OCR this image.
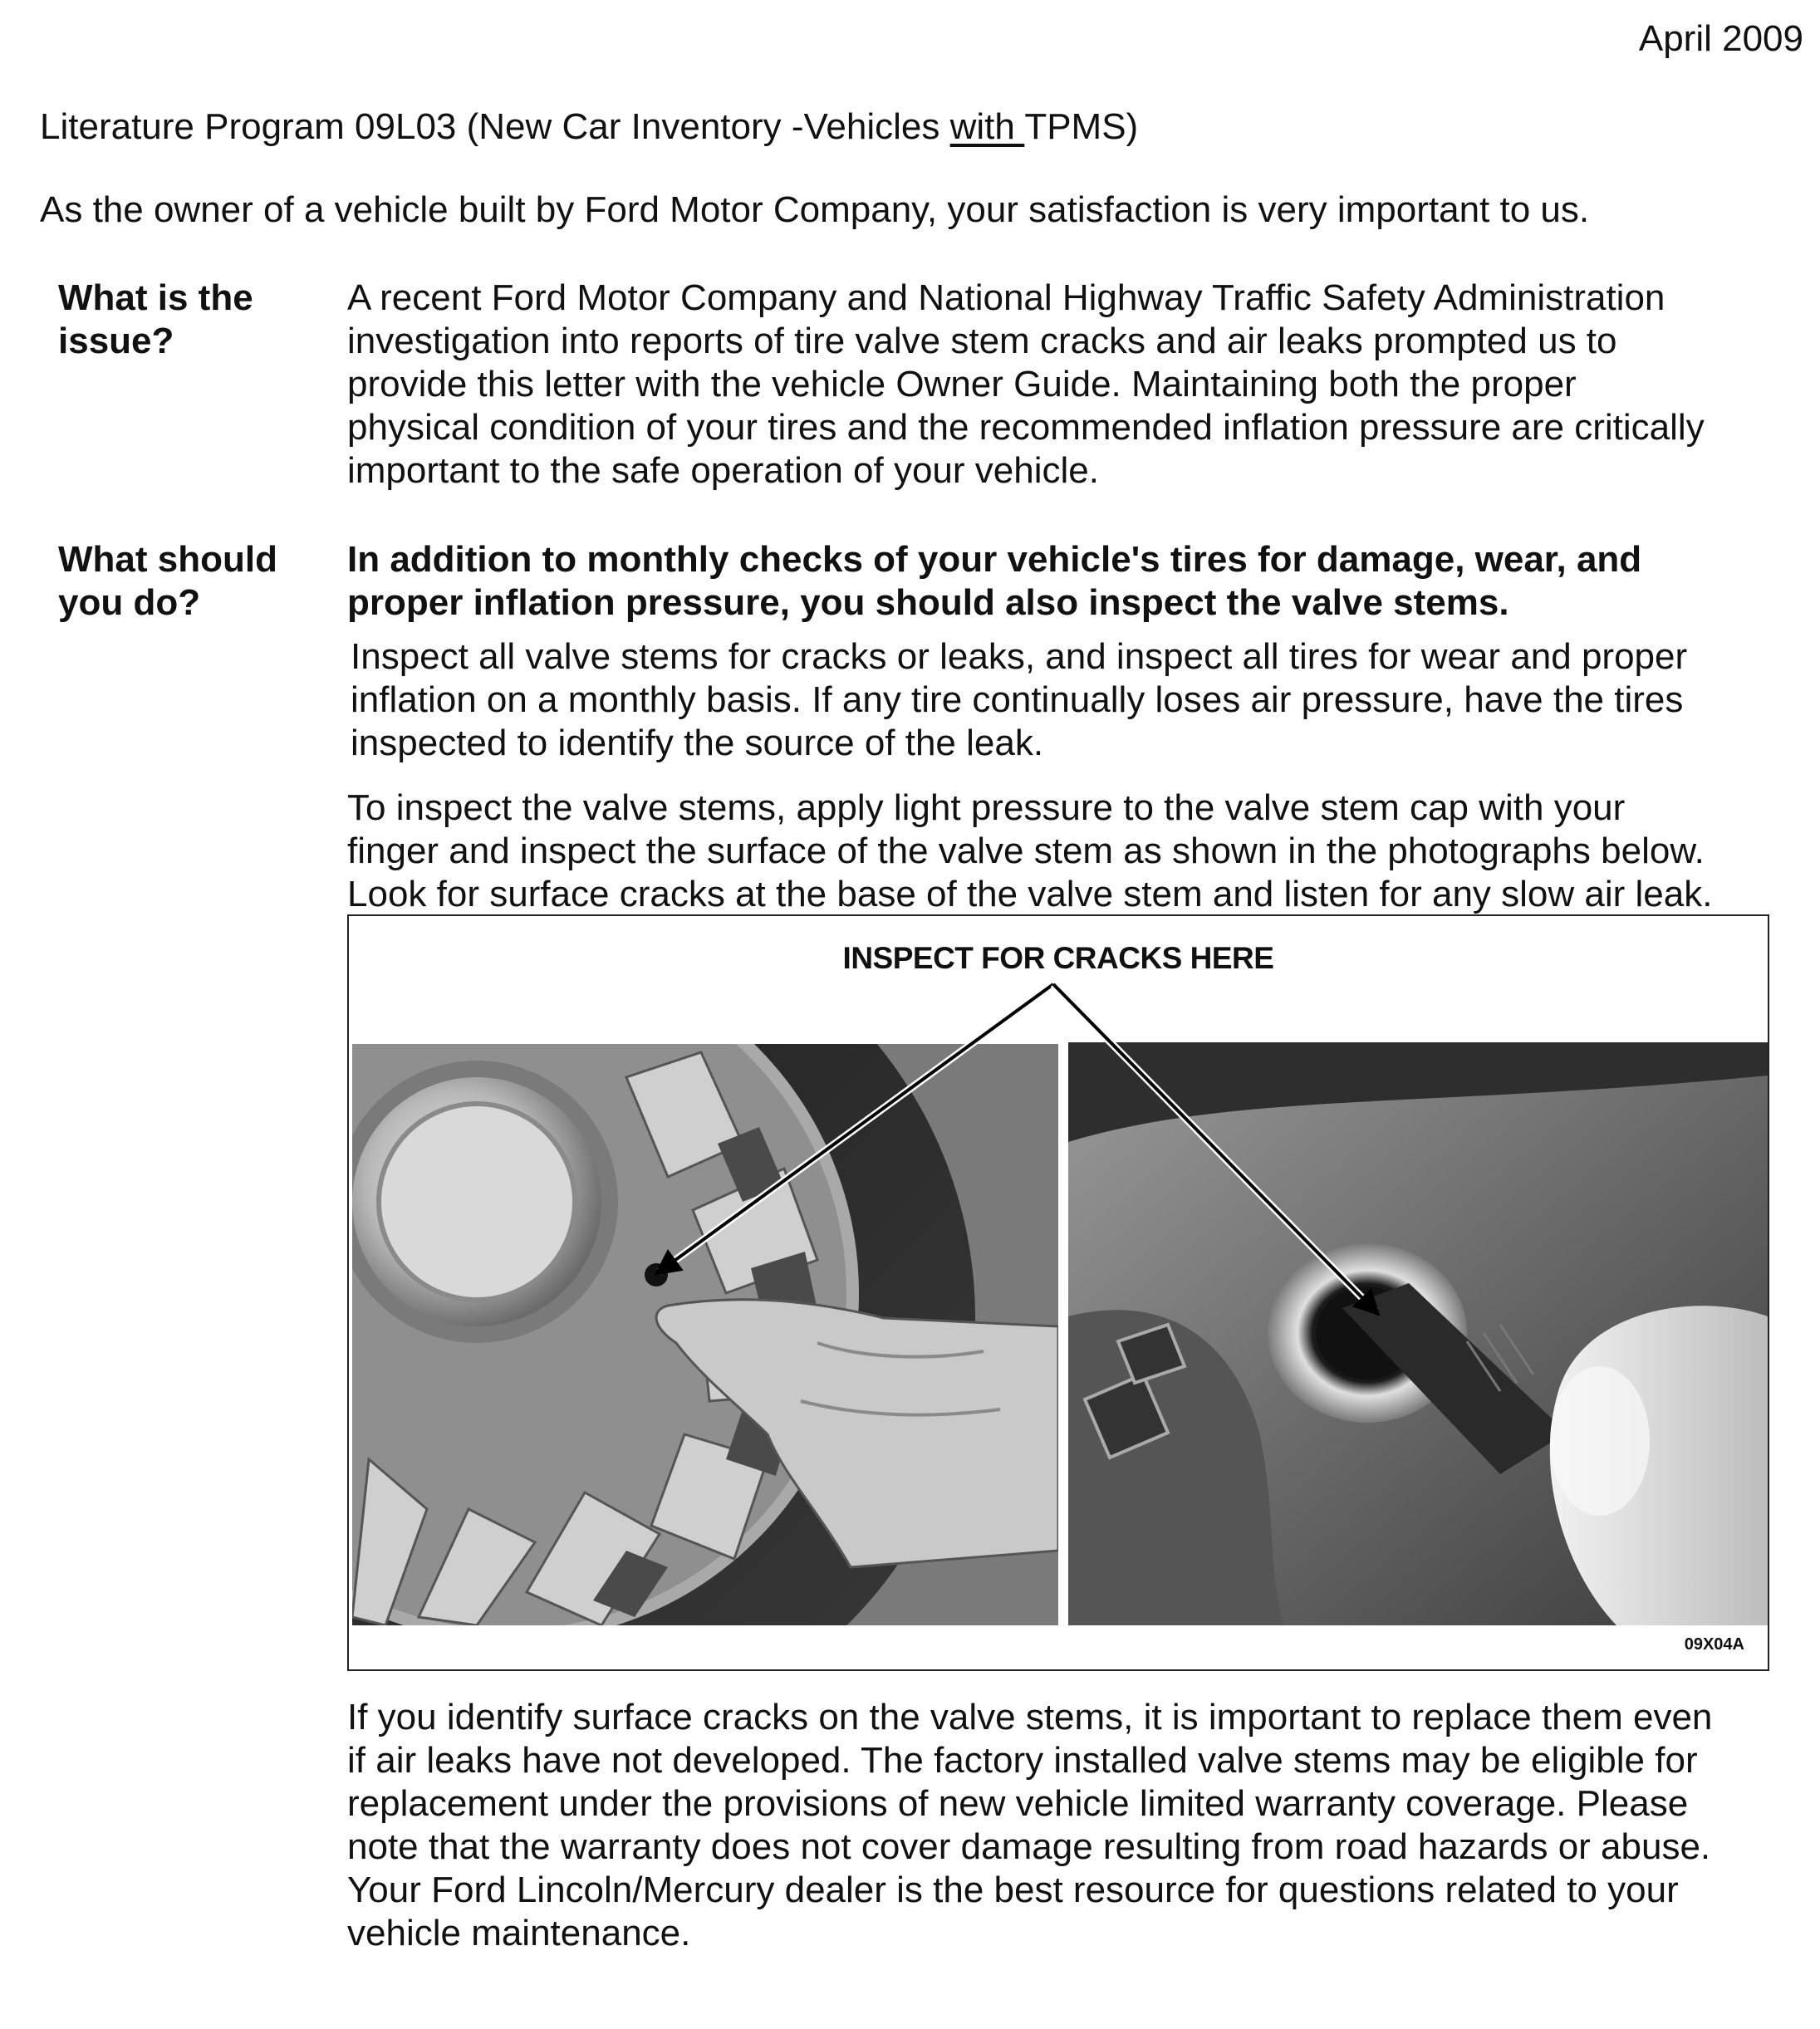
April 2009
Literature Program 09L03 (New Car Inventory -Vehicles with TPMS)
As the owner of a vehicle built by Ford Motor Company, your satisfaction is very important to us.
What is the
issue?
A recent Ford Motor Company and National Highway Traffic Safety Administration
investigation into reports of tire valve stem cracks and air leaks prompted us to
provide this letter with the vehicle Owner Guide. Maintaining both the proper
physical condition of your tires and the recommended inflation pressure are critically
important to the safe operation of your vehicle.
What should
you do?
In addition to monthly checks of your vehicle's tires for damage, wear, and
proper inflation pressure, you should also inspect the valve stems.
Inspect all valve stems for cracks or leaks, and inspect all tires for wear and proper
inflation on a monthly basis. If any tire continually loses air pressure, have the tires
inspected to identify the source of the leak.
To inspect the valve stems, apply light pressure to the valve stem cap with your
finger and inspect the surface of the valve stem as shown in the photographs below.
Look for surface cracks at the base of the valve stem and listen for any slow air leak.
INSPECT FOR CRACKS HERE
09X04A
If you identify surface cracks on the valve stems, it is important to replace them even
if air leaks have not developed. The factory installed valve stems may be eligible for
replacement under the provisions of new vehicle limited warranty coverage. Please
note that the warranty does not cover damage resulting from road hazards or abuse.
Your Ford Lincoln/Mercury dealer is the best resource for questions related to your
vehicle maintenance.
